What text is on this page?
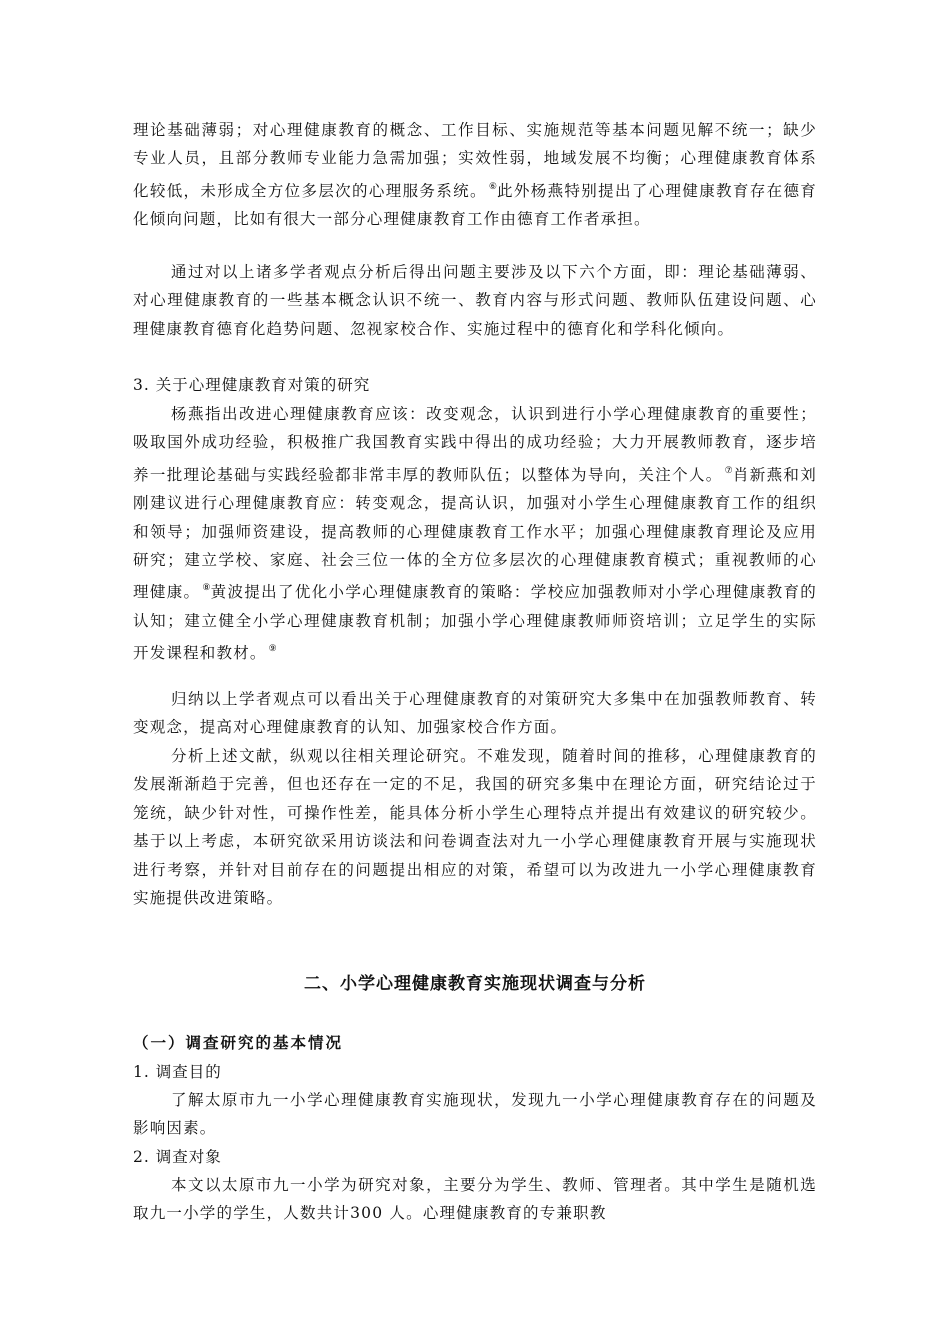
理论基础薄弱；对心理健康教育的概念、工作目标、实施规范等基本问题见解不统一；缺少专业人员，且部分教师专业能力急需加强；实效性弱，地域发展不均衡；心理健康教育体系化较低，未形成全方位多层次的心理服务系统。 ⑥此外杨燕特别提出了心理健康教育存在德育化倾向问题，比如有很大一部分心理健康教育工作由德育工作者承担。

通过对以上诸多学者观点分析后得出问题主要涉及以下六个方面，即：理论基础薄弱、对心理健康教育的一些基本概念认识不统一、教育内容与形式问题、教师队伍建设问题、心理健康教育德育化趋势问题、忽视家校合作、实施过程中的德育化和学科化倾向。

3. 关于心理健康教育对策的研究

杨燕指出改进心理健康教育应该：改变观念，认识到进行小学心理健康教育的重要性；吸取国外成功经验，积极推广我国教育实践中得出的成功经验；大力开展教师教育，逐步培养一批理论基础与实践经验都非常丰厚的教师队伍；以整体为导向，关注个人。 ⑦肖新燕和刘刚建议进行心理健康教育应：转变观念，提高认识，加强对小学生心理健康教育工作的组织和领导；加强师资建设，提高教师的心理健康教育工作水平；加强心理健康教育理论及应用研究；建立学校、家庭、社会三位一体的全方位多层次的心理健康教育模式；重视教师的心理健康。 ⑧黄波提出了优化小学心理健康教育的策略：学校应加强教师对小学心理健康教育的认知；建立健全小学心理健康教育机制；加强小学心理健康教师师资培训；立足学生的实际开发课程和教材。 ⑨

归纳以上学者观点可以看出关于心理健康教育的对策研究大多集中在加强教师教育、转变观念，提高对心理健康教育的认知、加强家校合作方面。

分析上述文献，纵观以往相关理论研究。不难发现，随着时间的推移，心理健康教育的发展渐渐趋于完善，但也还存在一定的不足，我国的研究多集中在理论方面，研究结论过于笼统，缺少针对性，可操作性差，能具体分析小学生心理特点并提出有效建议的研究较少。基于以上考虑，本研究欲采用访谈法和问卷调查法对九一小学心理健康教育开展与实施现状进行考察，并针对目前存在的问题提出相应的对策，希望可以为改进九一小学心理健康教育实施提供改进策略。

二、小学心理健康教育实施现状调查与分析
（一）调查研究的基本情况

1. 调查目的

了解太原市九一小学心理健康教育实施现状，发现九一小学心理健康教育存在的问题及影响因素。

2. 调查对象

本文以太原市九一小学为研究对象，主要分为学生、教师、管理者。其中学生是随机选取九一小学的学生，人数共计300 人。心理健康教育的专兼职教
